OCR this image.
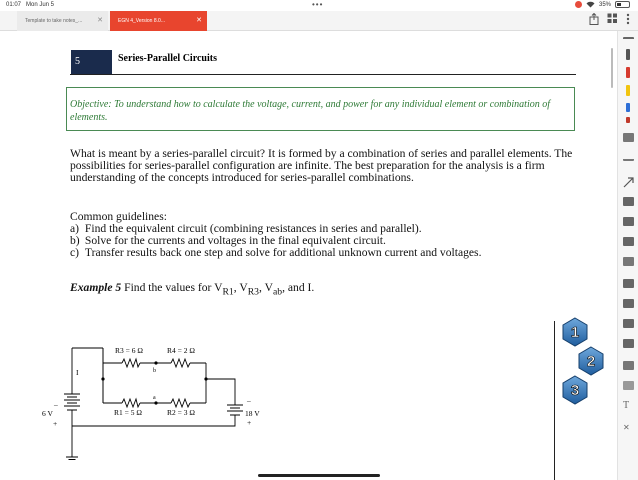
01:07 Mon Jun 5	•••	35%
Template to take notes_... ✕	EGN 4_Version 8.0...	✕
5	Series-Parallel Circuits
Objective: To understand how to calculate the voltage, current, and power for any individual element or combination of elements.
What is meant by a series-parallel circuit? It is formed by a combination of series and parallel elements. The possibilities for series-parallel configuration are infinite. The best preparation for the analysis is a firm understanding of the concepts introduced for series-parallel combinations.
Common guidelines:
a)
Find the equivalent circuit (combining resistances in series and parallel).
b)
Solve for the currents and voltages in the final equivalent circuit.
c)
Transfer results back one step and solve for additional unknown current and voltages.
Example 5 Find the values for $V_{R1}$, $V_{R3}$, $V_{ab}$, and I.
R3 = 6 Ω	R4 = 2 Ω
R1 = 5 Ω	R2 = 3 Ω
b
a
I
6 V	18 V
–
+
–
+
1
2
3
T
✕
